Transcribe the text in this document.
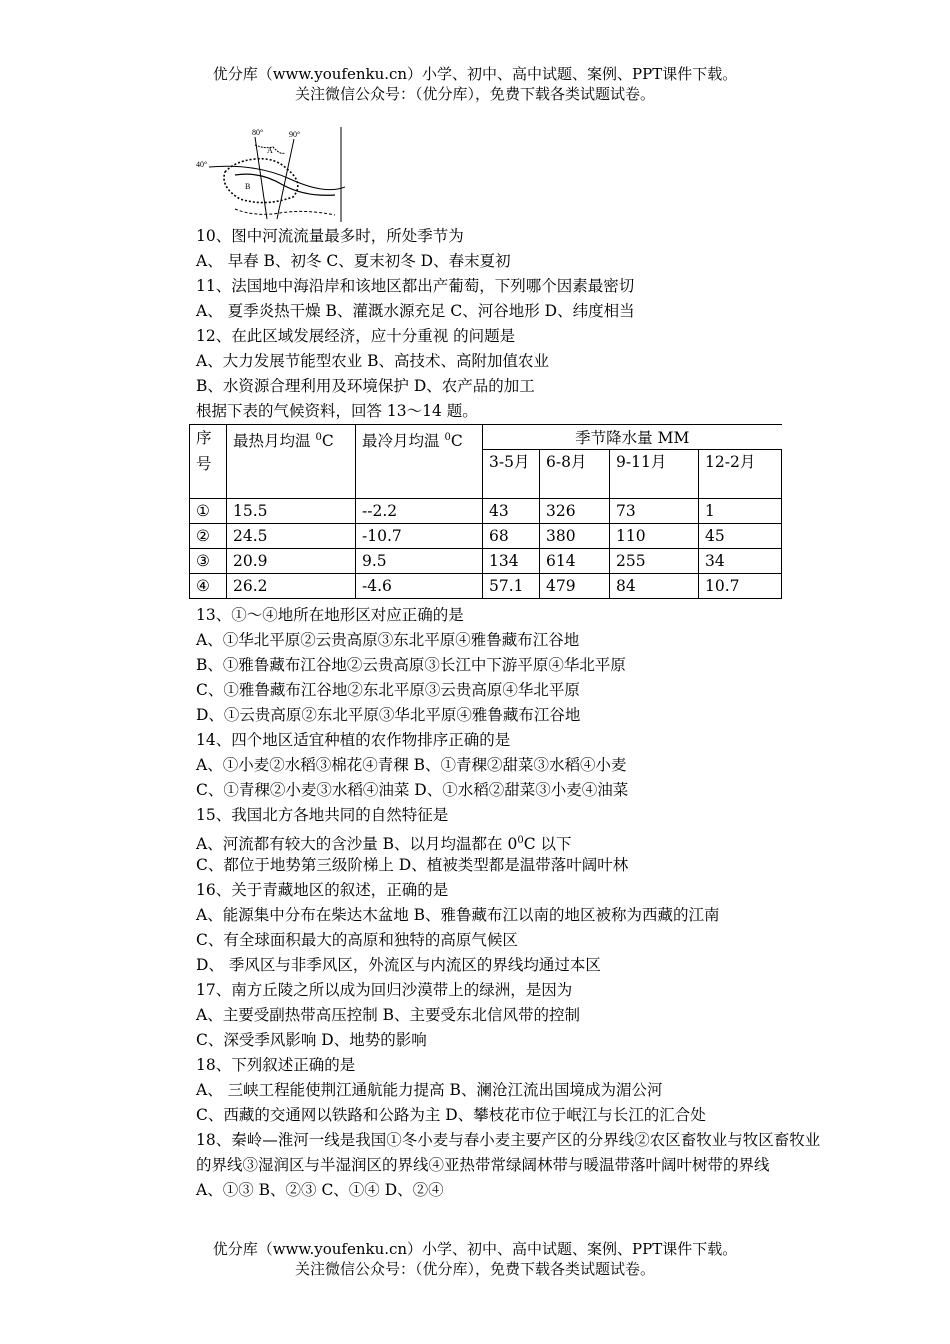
优分库（www.youfenku.cn）小学、初中、高中试题、案例、PPT课件下载。
关注微信公众号：（优分库），免费下载各类试题试卷。
80°	90°
40°
A
B
10、图中河流流量最多时，所处季节为
A、 早春 B、初冬 C、夏末初冬 D、春末夏初
11、法国地中海沿岸和该地区都出产葡萄，下列哪个因素最密切
A、 夏季炎热干燥 B、灌溉水源充足 C、河谷地形 D、纬度相当
12、在此区域发展经济，应十分重视 的问题是
A、大力发展节能型农业 B、高技术、高附加值农业
B、水资源合理利用及环境保护 D、农产品的加工
根据下表的气候资料，回答 13～14 题。
序号	最热月均温 $^0$C	最冷月均温 $^0$C	季节降水量 MM			
			3-5月	6-8月	9-11月	12-2月
①	15.5	--2.2	43	326	73	1
②	24.5	-10.7	68	380	110	45
③	20.9	9.5	134	614	255	34
④	26.2	-4.6	57.1	479	84	10.7
13、①～④地所在地形区对应正确的是
A、①华北平原②云贵高原③东北平原④雅鲁藏布江谷地
B、①雅鲁藏布江谷地②云贵高原③长江中下游平原④华北平原
C、①雅鲁藏布江谷地②东北平原③云贵高原④华北平原
D、①云贵高原②东北平原③华北平原④雅鲁藏布江谷地
14、四个地区适宜种植的农作物排序正确的是
A、①小麦②水稻③棉花④青稞 B、①青稞②甜菜③水稻④小麦
C、①青稞②小麦③水稻④油菜 D、①水稻②甜菜③小麦④油菜
15、我国北方各地共同的自然特征是
A、河流都有较大的含沙量 B、以月均温都在 $0^0C$ 以下
C、都位于地势第三级阶梯上 D、植被类型都是温带落叶阔叶林
16、关于青藏地区的叙述，正确的是
A、能源集中分布在柴达木盆地 B、雅鲁藏布江以南的地区被称为西藏的江南
C、有全球面积最大的高原和独特的高原气候区
D、 季风区与非季风区，外流区与内流区的界线均通过本区
17、南方丘陵之所以成为回归沙漠带上的绿洲，是因为
A、主要受副热带高压控制 B、主要受东北信风带的控制
C、深受季风影响 D、地势的影响
18、下列叙述正确的是
A、 三峡工程能使荆江通航能力提高 B、澜沧江流出国境成为湄公河
C、西藏的交通网以铁路和公路为主 D、攀枝花市位于岷江与长江的汇合处
18、秦岭—淮河一线是我国①冬小麦与春小麦主要产区的分界线②农区畜牧业与牧区畜牧业
的界线③湿润区与半湿润区的界线④亚热带常绿阔林带与暖温带落叶阔叶树带的界线
A、①③ B、②③ C、①④ D、②④
优分库（www.youfenku.cn）小学、初中、高中试题、案例、PPT课件下载。
关注微信公众号：（优分库），免费下载各类试题试卷。
